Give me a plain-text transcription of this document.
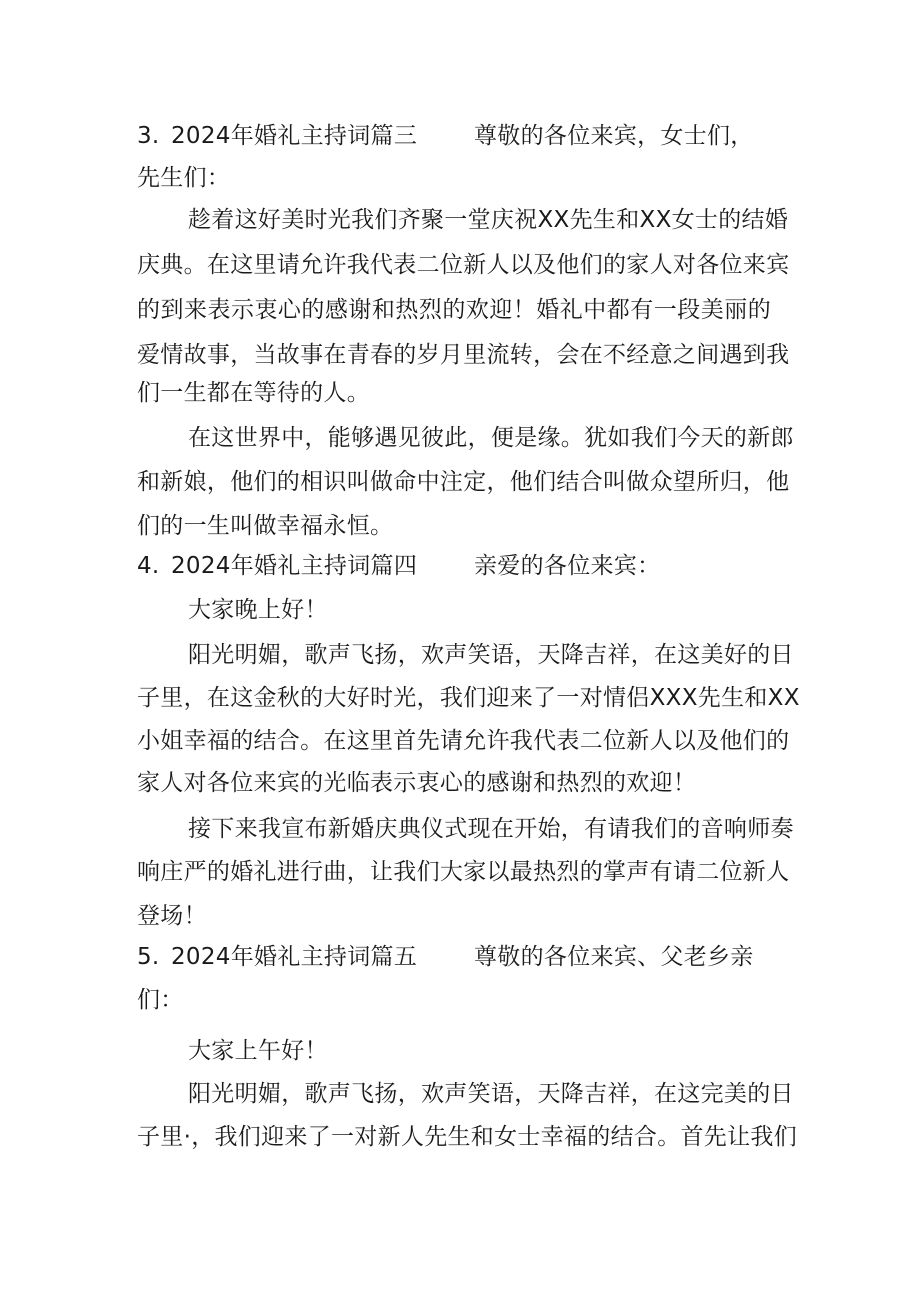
3. 2024年婚礼主持词篇三 尊敬的各位来宾，女士们，
先生们：
趁着这好美时光我们齐聚一堂庆祝XX先生和XX女士的结婚
庆典。在这里请允许我代表二位新人以及他们的家人对各位来宾
的到来表示衷心的感谢和热烈的欢迎！婚礼中都有一段美丽的
爱情故事，当故事在青春的岁月里流转，会在不经意之间遇到我
们一生都在等待的人。
在这世界中，能够遇见彼此，便是缘。犹如我们今天的新郎
和新娘，他们的相识叫做命中注定，他们结合叫做众望所归，他
们的一生叫做幸福永恒。
4. 2024年婚礼主持词篇四 亲爱的各位来宾：
大家晚上好！
阳光明媚，歌声飞扬，欢声笑语，天降吉祥，在这美好的日
子里，在这金秋的大好时光，我们迎来了一对情侣XXX先生和XX
小姐幸福的结合。在这里首先请允许我代表二位新人以及他们的
家人对各位来宾的光临表示衷心的感谢和热烈的欢迎！
接下来我宣布新婚庆典仪式现在开始，有请我们的音响师奏
响庄严的婚礼进行曲，让我们大家以最热烈的掌声有请二位新人
登场！
5. 2024年婚礼主持词篇五 尊敬的各位来宾、父老乡亲
们：
大家上午好！
阳光明媚，歌声飞扬，欢声笑语，天降吉祥，在这完美的日
子里·，我们迎来了一对新人先生和女士幸福的结合。首先让我们
